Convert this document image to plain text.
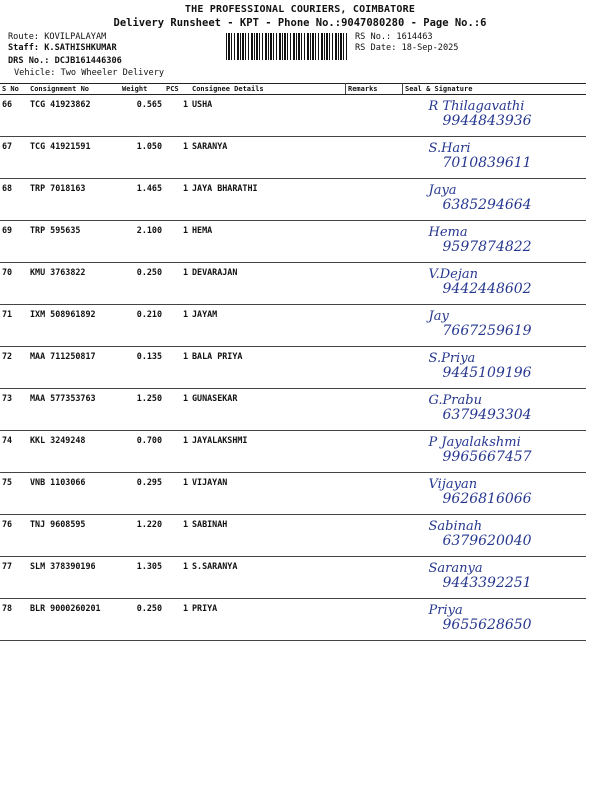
THE PROFESSIONAL COURIERS, COIMBATORE
Delivery Runsheet - KPT - Phone No.:9047080280 - Page No.:6
Route: KOVILPALAYAM
Staff: K.SATHISHKUMAR
DRS No.: DCJB161446306
Vehicle: Two Wheeler Delivery
RS No.: 1614463
RS Date: 18-Sep-2025
S No	Consignment No	Weight	PCS	Consignee Details	Remarks	Seal & Signature
66	TCG 41923862	0.565	1	USHA		R Thilagavathi
9944843936

67	TCG 41921591	1.050	1	SARANYA		S.Hari
7010839611

68	TRP 7018163	1.465	1	JAYA BHARATHI		Jaya
6385294664

69	TRP 595635	2.100	1	HEMA		Hema
9597874822

70	KMU 3763822	0.250	1	DEVARAJAN		V.Dejan
9442448602

71	IXM 508961892	0.210	1	JAYAM		Jay
7667259619

72	MAA 711250817	0.135	1	BALA PRIYA		S.Priya
9445109196

73	MAA 577353763	1.250	1	GUNASEKAR		G.Prabu
6379493304

74	KKL 3249248	0.700	1	JAYALAKSHMI		P Jayalakshmi
9965667457

75	VNB 1103066	0.295	1	VIJAYAN		Vijayan
9626816066

76	TNJ 9608595	1.220	1	SABINAH		Sabinah
6379620040

77	SLM 378390196	1.305	1	S.SARANYA		Saranya
9443392251

78	BLR 9000260201	0.250	1	PRIYA		Priya
9655628650
